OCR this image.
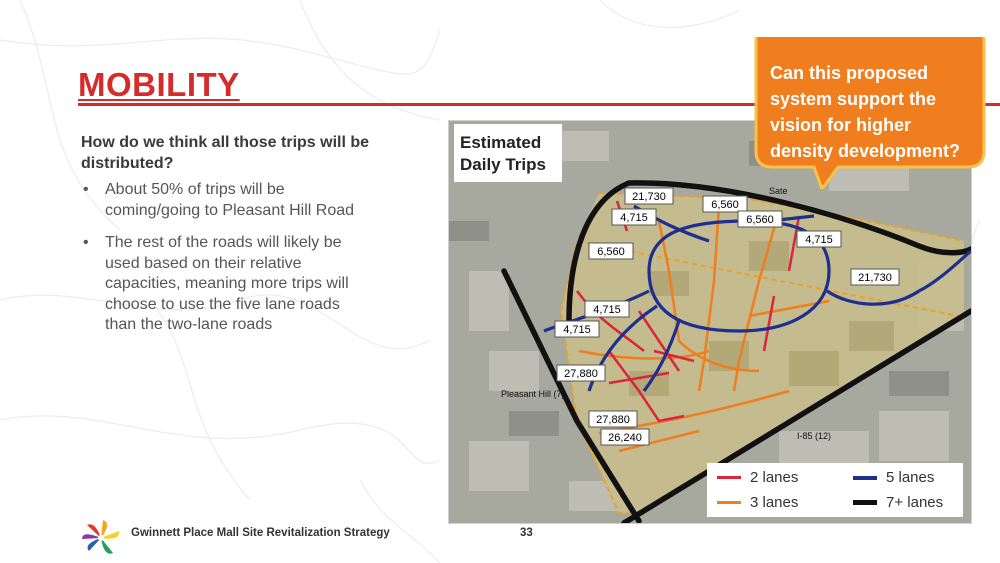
MOBILITY
How do we think all those trips will be distributed?
• About 50% of trips will be coming/going to Pleasant Hill Road
• The rest of the roads will likely be used based on their relative capacities, meaning more trips will choose to use the five lane roads than the two-lane roads
21,730
6,560
4,715	6,560
4,715
6,560
21,730
4,715
4,715
27,880
27,880
26,240
Pleasant Hill (7)
I-85 (12)
Sate
Estimated Daily Trips
2 lanes
3 lanes
5 lanes
7+ lanes
Can this proposed system support the vision for higher density development?
Gwinnett Place Mall Site Revitalization Strategy	33
